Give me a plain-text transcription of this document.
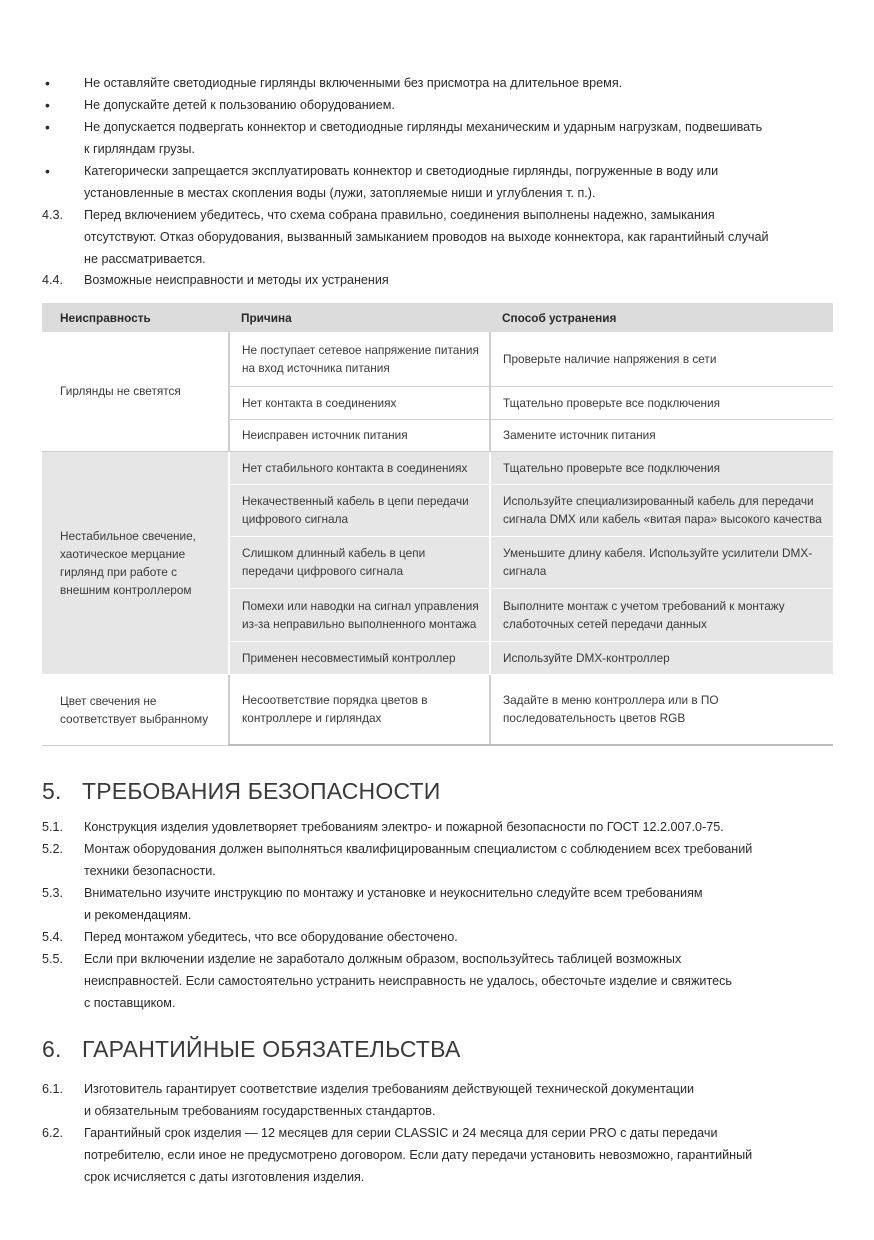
•	Не оставляйте светодиодные гирлянды включенными без присмотра на длительное время.
•	Не допускайте детей к пользованию оборудованием.
•	Не допускается подвергать коннектор и светодиодные гирлянды механическим и ударным нагрузкам, подвешивать
к гирляндам грузы.
•	Категорически запрещается эксплуатировать коннектор и светодиодные гирлянды, погруженные в воду или
установленные в местах скопления воды (лужи, затопляемые ниши и углубления т. п.).
4.3. Перед включением убедитесь, что схема собрана правильно, соединения выполнены надежно, замыкания
отсутствуют. Отказ оборудования, вызванный замыканием проводов на выходе коннектора, как гарантийный случай
не рассматривается.
4.4. Возможные неисправности и методы их устранения
Неисправность	Причина	Способ устранения
Гирлянды не светятся	Не поступает сетевое напряжение питания на вход источника питания	Проверьте наличие напряжения в сети
	Нет контакта в соединениях	Тщательно проверьте все подключения
	Неисправен источник питания	Замените источник питания
Нестабильное свечение, хаотическое мерцание гирлянд при работе с внешним контроллером	Нет стабильного контакта в соединениях	Тщательно проверьте все подключения
	Некачественный кабель в цепи передачи цифрового сигнала	Используйте специализированный кабель для передачи сигнала DMX или кабель «витая пара» высокого качества
	Слишком длинный кабель в цепи передачи цифрового сигнала	Уменьшите длину кабеля. Используйте усилители DMX-сигнала
	Помехи или наводки на сигнал управления из-за неправильно выполненного монтажа	Выполните монтаж с учетом требований к монтажу слаботочных сетей передачи данных
	Применен несовместимый контроллер	Используйте DMX-контроллер
Цвет свечения не соответствует выбранному	Несоответствие порядка цветов в контроллере и гирляндах	Задайте в меню контроллера или в ПО последовательность цветов RGB
5. ТРЕБОВАНИЯ БЕЗОПАСНОСТИ
5.1. Конструкция изделия удовлетворяет требованиям электро- и пожарной безопасности по ГОСТ 12.2.007.0-75.
5.2. Монтаж оборудования должен выполняться квалифицированным специалистом с соблюдением всех требований
техники безопасности.
5.3. Внимательно изучите инструкцию по монтажу и установке и неукоснительно следуйте всем требованиям
и рекомендациям.
5.4. Перед монтажом убедитесь, что все оборудование обесточено.
5.5. Если при включении изделие не заработало должным образом, воспользуйтесь таблицей возможных
неисправностей. Если самостоятельно устранить неисправность не удалось, обесточьте изделие и свяжитесь
с поставщиком.
6. ГАРАНТИЙНЫЕ ОБЯЗАТЕЛЬСТВА
6.1. Изготовитель гарантирует соответствие изделия требованиям действующей технической документации
и обязательным требованиям государственных стандартов.
6.2. Гарантийный срок изделия — 12 месяцев для серии CLASSIC и 24 месяца для серии PRO с даты передачи
потребителю, если иное не предусмотрено договором. Если дату передачи установить невозможно, гарантийный
срок исчисляется с даты изготовления изделия.
